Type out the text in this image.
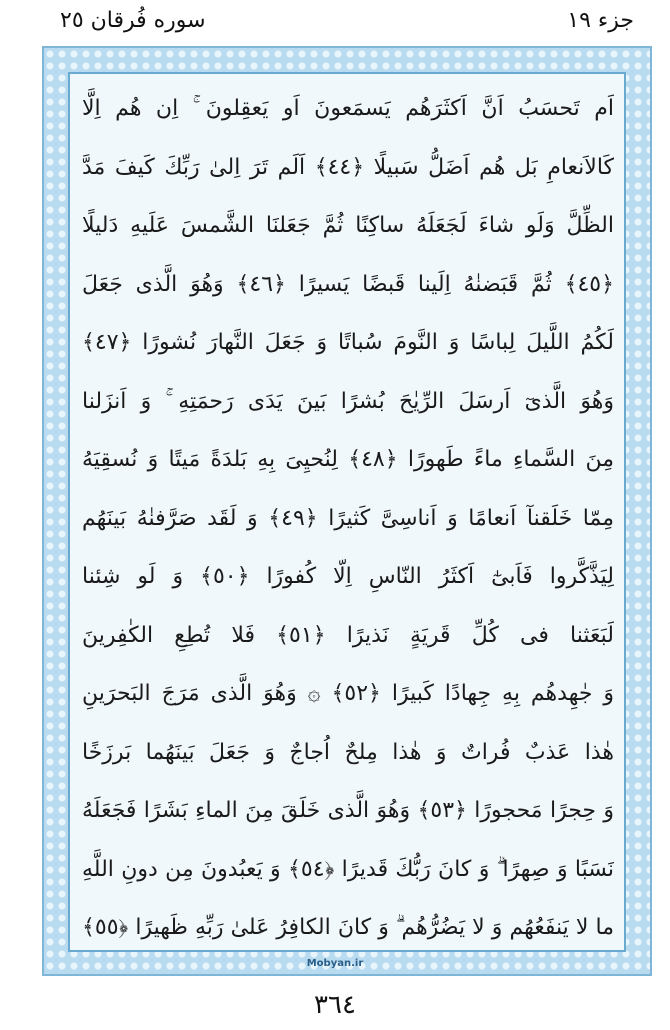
سوره فُرقان ٢٥	جزء ١٩
اَم تَحسَبُ اَنَّ اَكثَرَهُم يَسمَعونَ اَو يَعقِلونَ ۚ اِن هُم اِلَّا
كَالاَنعامِ بَل هُم اَضَلُّ سَبيلًا ﴿٤٤﴾ اَلَم تَرَ اِلىٰ رَبِّكَ كَيفَ مَدَّ
الظِّلَّ وَلَو شاءَ لَجَعَلَهُ ساكِنًا ثُمَّ جَعَلنَا الشَّمسَ عَلَيهِ دَليلًا
﴿٤٥﴾ ثُمَّ قَبَضنٰهُ اِلَينا قَبضًا يَسيرًا ﴿٤٦﴾ وَهُوَ الَّذى جَعَلَ
لَكُمُ اللَّيلَ لِباسًا وَ النَّومَ سُباتًا وَ جَعَلَ النَّهارَ نُشورًا ﴿٤٧﴾
وَهُوَ الَّذىٓ اَرسَلَ الرِّيٰحَ بُشرًا بَينَ يَدَى رَحمَتِهِ ۚ وَ اَنزَلنا
مِنَ السَّماءِ ماءً طَهورًا ﴿٤٨﴾ لِنُحيِىَ بِهِ بَلدَةً مَيتًا وَ نُسقِيَهُ
مِمّا خَلَقنآ اَنعامًا وَ اَناسِىَّ كَثيرًا ﴿٤٩﴾ وَ لَقَد صَرَّفنٰهُ بَينَهُم
لِيَذَّكَّروا فَاَبىٰٓ اَكثَرُ النّاسِ اِلّا كُفورًا ﴿٥٠﴾ وَ لَو شِئنا
لَبَعَثنا فى كُلِّ قَريَةٍ نَذيرًا ﴿٥١﴾ فَلا تُطِعِ الكٰفِرينَ
وَ جٰهِدهُم بِهِ جِهادًا كَبيرًا ﴿٥٢﴾ ۞ وَهُوَ الَّذى مَرَجَ البَحرَينِ
هٰذا عَذبٌ فُراتٌ وَ هٰذا مِلحٌ اُجاجٌ وَ جَعَلَ بَينَهُما بَرزَخًا
وَ حِجرًا مَحجورًا ﴿٥٣﴾ وَهُوَ الَّذى خَلَقَ مِنَ الماءِ بَشَرًا فَجَعَلَهُ
نَسَبًا وَ صِهرًا ۗ وَ كانَ رَبُّكَ قَديرًا ﴿٥٤﴾ وَ يَعبُدونَ مِن دونِ اللَّهِ
ما لا يَنفَعُهُم وَ لا يَضُرُّهُم ۗ وَ كانَ الكافِرُ عَلىٰ رَبِّهِ ظَهيرًا ﴿٥٥﴾
Mobyan.ir
٣٦٤
